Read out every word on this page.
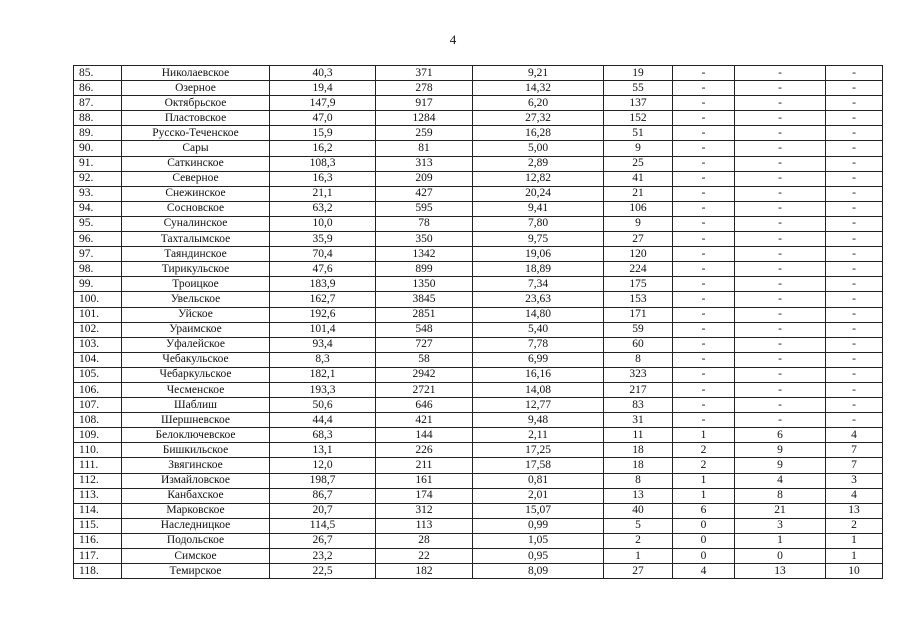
4
85.	Николаевское	40,3	371	9,21	19	-	-	-
86.	Озерное	19,4	278	14,32	55	-	-	-
87.	Октябрьское	147,9	917	6,20	137	-	-	-
88.	Пластовское	47,0	1284	27,32	152	-	-	-
89.	Русско-Теченское	15,9	259	16,28	51	-	-	-
90.	Сары	16,2	81	5,00	9	-	-	-
91.	Саткинское	108,3	313	2,89	25	-	-	-
92.	Северное	16,3	209	12,82	41	-	-	-
93.	Снежинское	21,1	427	20,24	21	-	-	-
94.	Сосновское	63,2	595	9,41	106	-	-	-
95.	Суналинское	10,0	78	7,80	9	-	-	-
96.	Тахталымское	35,9	350	9,75	27	-	-	-
97.	Таяндинское	70,4	1342	19,06	120	-	-	-
98.	Тирикульское	47,6	899	18,89	224	-	-	-
99.	Троицкое	183,9	1350	7,34	175	-	-	-
100.	Увельское	162,7	3845	23,63	153	-	-	-
101.	Уйское	192,6	2851	14,80	171	-	-	-
102.	Ураимское	101,4	548	5,40	59	-	-	-
103.	Уфалейское	93,4	727	7,78	60	-	-	-
104.	Чебакульское	8,3	58	6,99	8	-	-	-
105.	Чебаркульское	182,1	2942	16,16	323	-	-	-
106.	Чесменское	193,3	2721	14,08	217	-	-	-
107.	Шаблиш	50,6	646	12,77	83	-	-	-
108.	Шершневское	44,4	421	9,48	31	-	-	-
109.	Белоключевское	68,3	144	2,11	11	1	6	4
110.	Бишкильское	13,1	226	17,25	18	2	9	7
111.	Звягинское	12,0	211	17,58	18	2	9	7
112.	Измайловское	198,7	161	0,81	8	1	4	3
113.	Канбахское	86,7	174	2,01	13	1	8	4
114.	Марковское	20,7	312	15,07	40	6	21	13
115.	Наследницкое	114,5	113	0,99	5	0	3	2
116.	Подольское	26,7	28	1,05	2	0	1	1
117.	Симское	23,2	22	0,95	1	0	0	1
118.	Темирское	22,5	182	8,09	27	4	13	10
